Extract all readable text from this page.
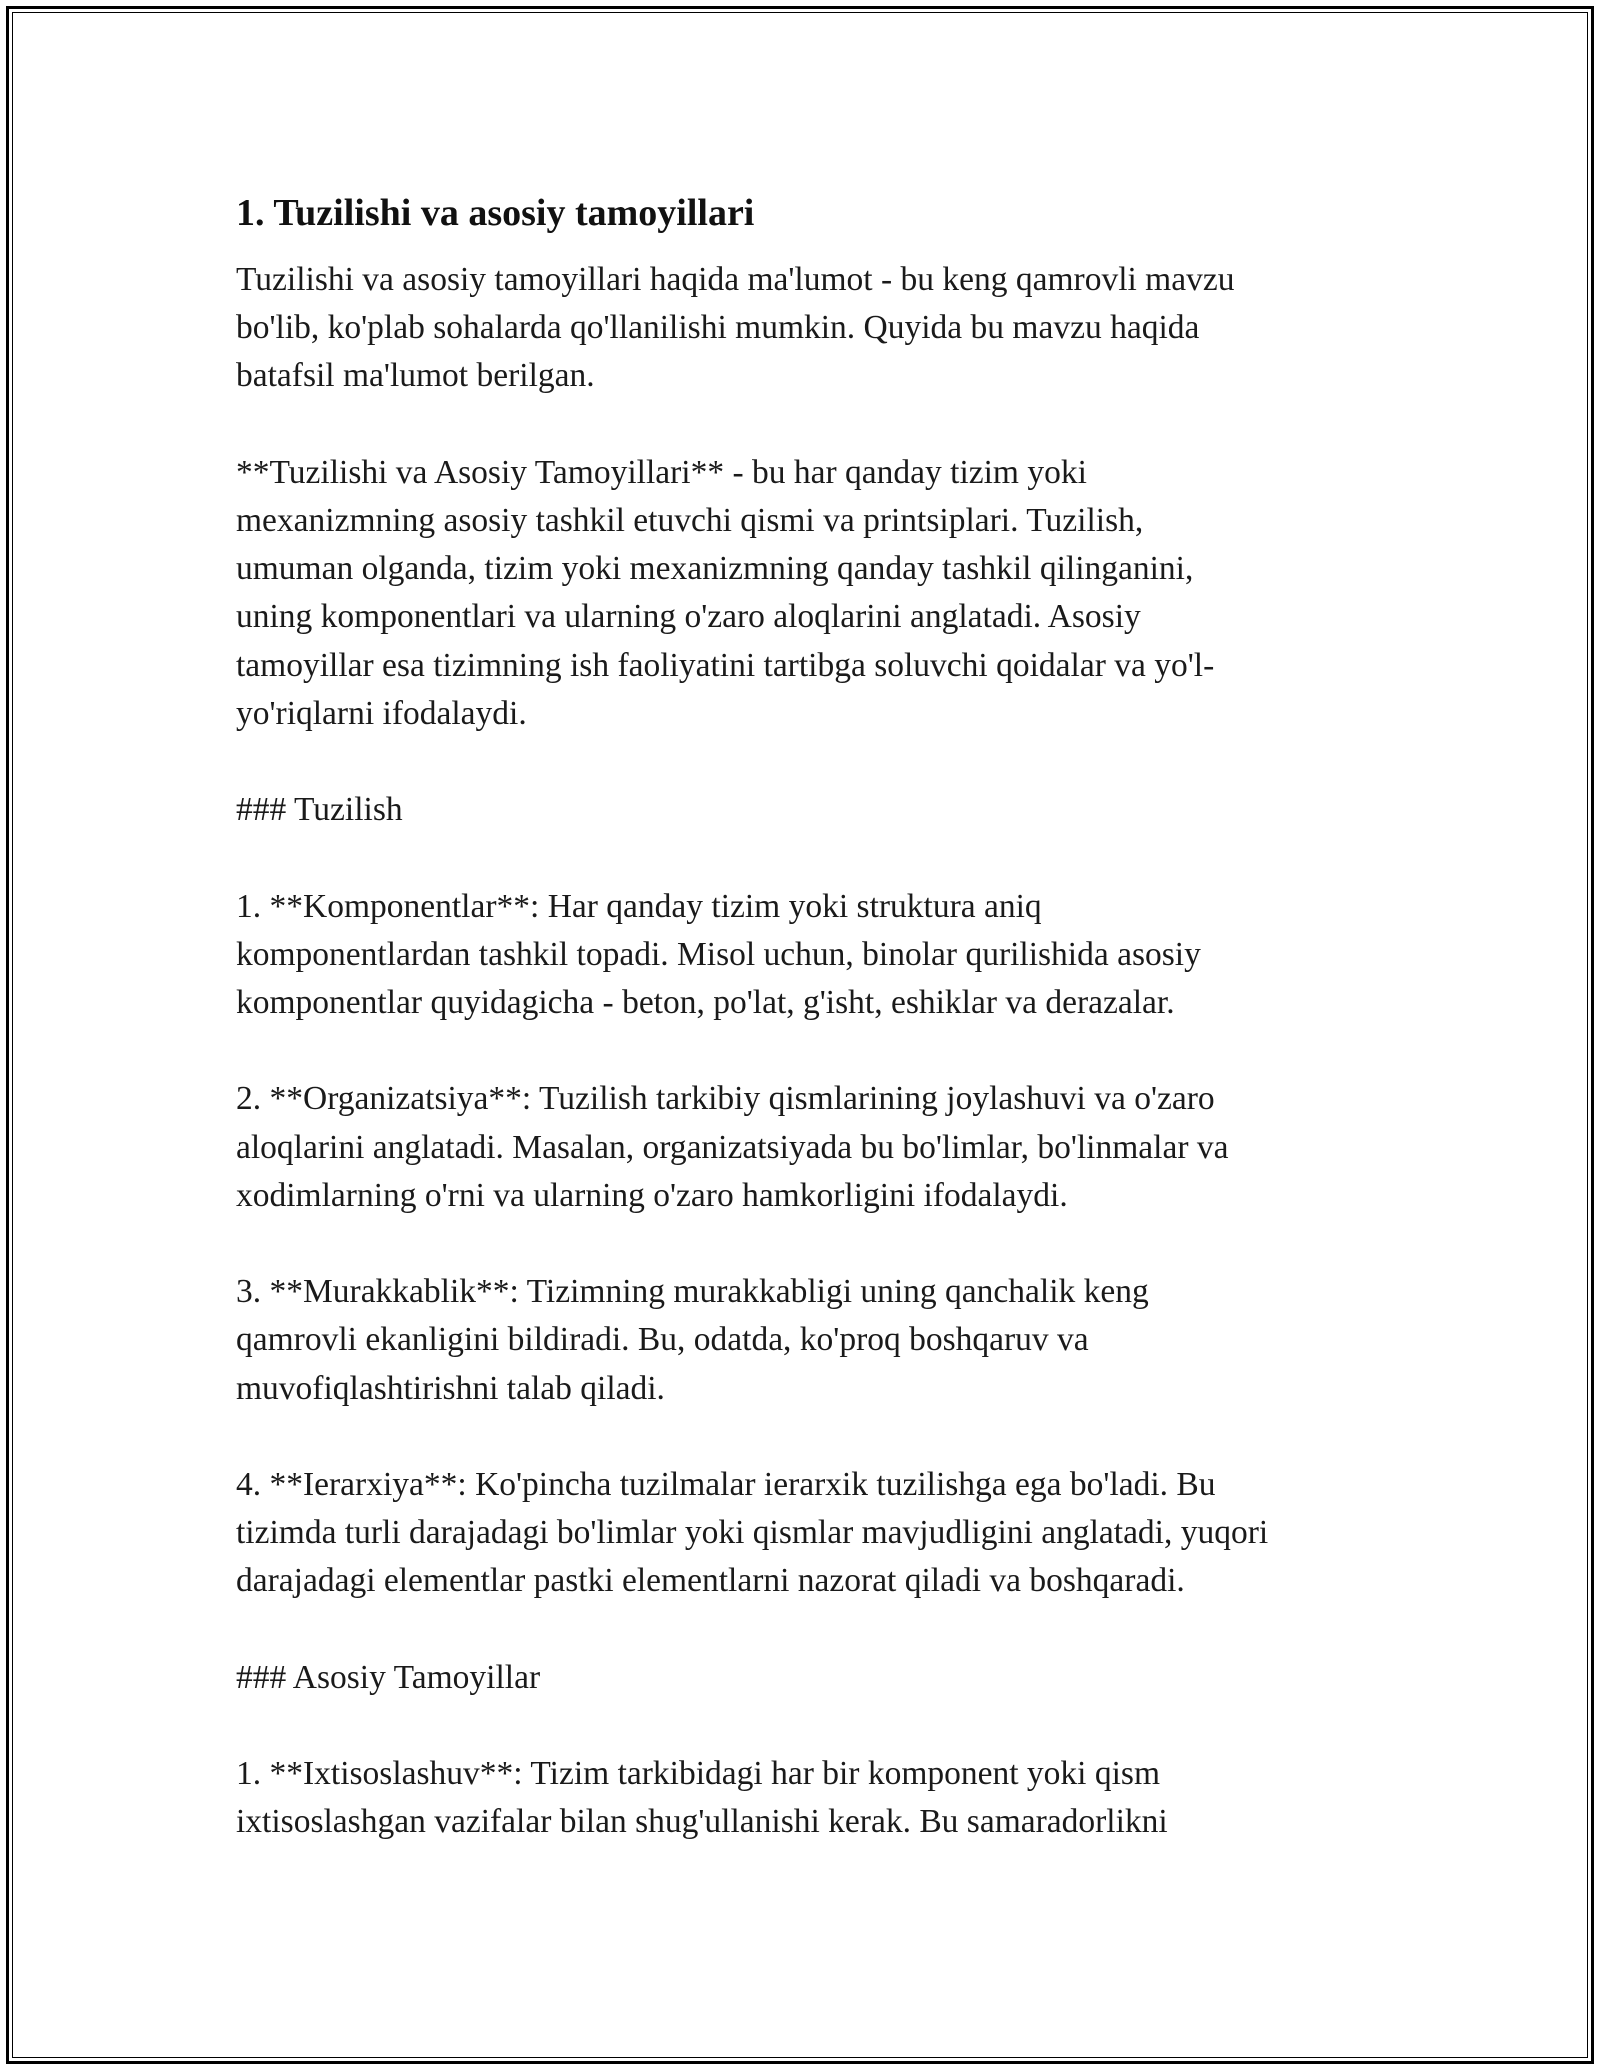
1. Tuzilishi va asosiy tamoyillari

Tuzilishi va asosiy tamoyillari haqida ma'lumot - bu keng qamrovli mavzu
bo'lib, ko'plab sohalarda qo'llanilishi mumkin. Quyida bu mavzu haqida
batafsil ma'lumot berilgan.

**Tuzilishi va Asosiy Tamoyillari** - bu har qanday tizim yoki
mexanizmning asosiy tashkil etuvchi qismi va printsiplari. Tuzilish,
umuman olganda, tizim yoki mexanizmning qanday tashkil qilinganini,
uning komponentlari va ularning o'zaro aloqlarini anglatadi. Asosiy
tamoyillar esa tizimning ish faoliyatini tartibga soluvchi qoidalar va yo'l-
yo'riqlarni ifodalaydi.

### Tuzilish

1. **Komponentlar**: Har qanday tizim yoki struktura aniq
komponentlardan tashkil topadi. Misol uchun, binolar qurilishida asosiy
komponentlar quyidagicha - beton, po'lat, g'isht, eshiklar va derazalar.

2. **Organizatsiya**: Tuzilish tarkibiy qismlarining joylashuvi va o'zaro
aloqlarini anglatadi. Masalan, organizatsiyada bu bo'limlar, bo'linmalar va
xodimlarning o'rni va ularning o'zaro hamkorligini ifodalaydi.

3. **Murakkablik**: Tizimning murakkabligi uning qanchalik keng
qamrovli ekanligini bildiradi. Bu, odatda, ko'proq boshqaruv va
muvofiqlashtirishni talab qiladi.

4. **Ierarxiya**: Ko'pincha tuzilmalar ierarxik tuzilishga ega bo'ladi. Bu
tizimda turli darajadagi bo'limlar yoki qismlar mavjudligini anglatadi, yuqori
darajadagi elementlar pastki elementlarni nazorat qiladi va boshqaradi.

### Asosiy Tamoyillar

1. **Ixtisoslashuv**: Tizim tarkibidagi har bir komponent yoki qism
ixtisoslashgan vazifalar bilan shug'ullanishi kerak. Bu samaradorlikni
